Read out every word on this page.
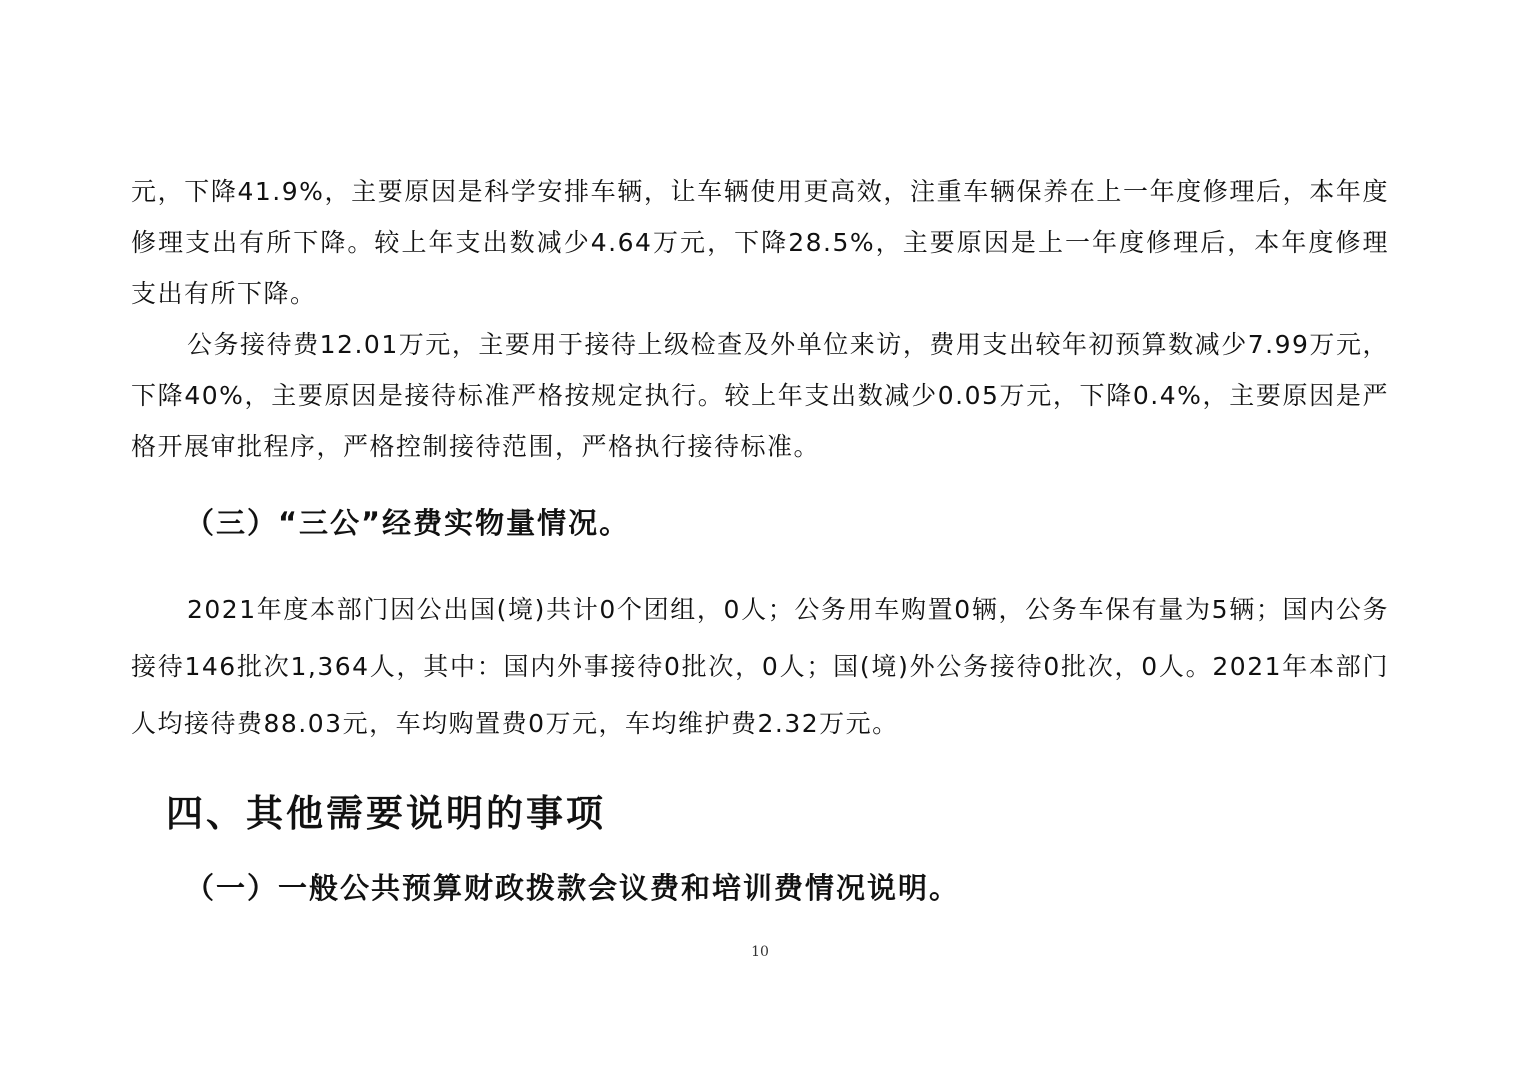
元，下降41.9%，主要原因是科学安排车辆，让车辆使用更高效，注重车辆保养在上一年度修理后，本年度修理支出有所下降。较上年支出数减少4.64万元，下降28.5%，主要原因是上一年度修理后，本年度修理支出有所下降。

公务接待费12.01万元，主要用于接待上级检查及外单位来访，费用支出较年初预算数减少7.99万元，下降40%，主要原因是接待标准严格按规定执行。较上年支出数减少0.05万元，下降0.4%，主要原因是严格开展审批程序，严格控制接待范围，严格执行接待标准。

（三）“三公”经费实物量情况。

2021年度本部门因公出国(境)共计0个团组，0人；公务用车购置0辆，公务车保有量为5辆；国内公务接待146批次1,364人，其中：国内外事接待0批次，0人；国(境)外公务接待0批次，0人。2021年本部门人均接待费88.03元，车均购置费0万元，车均维护费2.32万元。

四、其他需要说明的事项
（一）一般公共预算财政拨款会议费和培训费情况说明。
10
